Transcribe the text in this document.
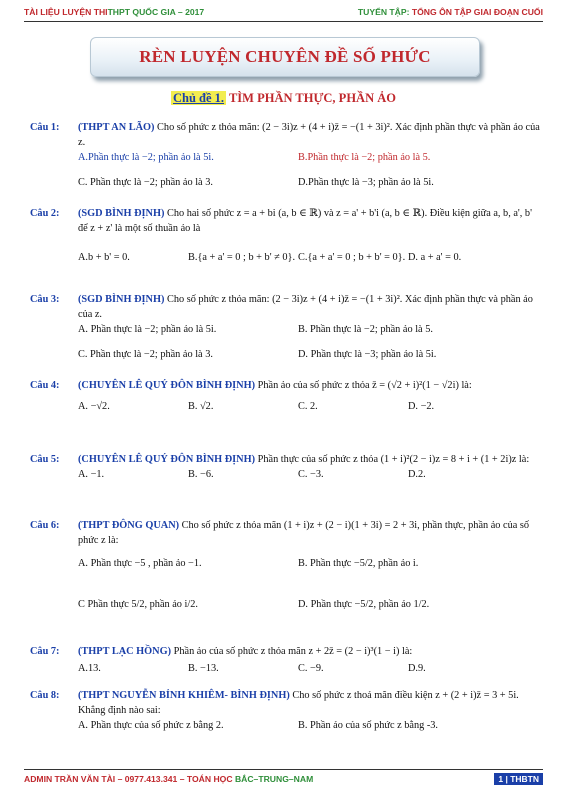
TÀI LIỆU LUYỆN THITHPT QUỐC GIA – 2017	TUYỂN TẬP: TỔNG ÔN TẬP GIAI ĐOẠN CUỐI
RÈN LUYỆN CHUYÊN ĐỀ SỐ PHỨC
Chủ đề 1. TÌM PHẦN THỰC, PHẦN ẢO
Câu 1: (THPT AN LÃO) Cho số phức z thỏa mãn: (2 − 3i)z + (4 + i)z̄ = −(1 + 3i)². Xác định phần thực và phần ảo của z.
A.Phần thực là −2; phần ảo là 5i.	B.Phần thực là −2; phần ảo là 5.
C. Phần thực là −2; phần ảo là 3.	D.Phần thực là −3; phần ảo là 5i.
Câu 2: (SGD BÌNH ĐỊNH) Cho hai số phức z = a + bi (a, b ∈ ℝ) và z = a' + b'i (a, b ∈ ℝ). Điều kiện giữa a, b, a', b' để z + z' là một số thuần ảo là
A.b + b' = 0.	B.{a + a' = 0 ; b + b' ≠ 0}. C.{a + a' = 0 ; b + b' = 0}. D. a + a' = 0.
Câu 3: (SGD BÌNH ĐỊNH) Cho số phức z thỏa mãn: (2 − 3i)z + (4 + i)z̄ = −(1 + 3i)². Xác định phần thực và phần ảo của z.
A. Phần thực là −2; phần ảo là 5i.	B. Phần thực là −2; phần ảo là 5.
C. Phần thực là −2; phần ảo là 3.	D. Phần thực là −3; phần ảo là 5i.
Câu 4: (CHUYÊN LÊ QUÝ ĐÔN BÌNH ĐỊNH) Phần ảo của số phức z thỏa z̄ = (√2 + i)²(1 − √2i) là:
A. −√2.	B. √2.	C. 2.	D. −2.
Câu 5: (CHUYÊN LÊ QUÝ ĐÔN BÌNH ĐỊNH) Phần thực của số phức z thỏa (1 + i)²(2 − i)z = 8 + i + (1 + 2i)z là:
A. −1.	B. −6.	C. −3.	D.2.
Câu 6: (THPT ĐÔNG QUAN) Cho số phức z thỏa mãn (1 + i)z + (2 − i)(1 + 3i) = 2 + 3i, phần thực, phần ảo của số phức z là:
A. Phần thực −5 , phần ảo −1.	B. Phần thực −5/2, phần ảo i.
C Phần thực 5/2, phần ảo i/2.	D. Phần thực −5/2, phần ảo 1/2.
Câu 7: (THPT LẠC HỒNG) Phần ảo của số phức z thỏa mãn z + 2z̄ = (2 − i)³(1 − i) là:
A.13.	B. −13.	C. −9.	D.9.
Câu 8: (THPT NGUYỄN BỈNH KHIÊM- BÌNH ĐỊNH) Cho số phức z thoả mãn điều kiện z + (2 + i)z̄ = 3 + 5i. Khẳng định nào sai:
A. Phần thực của số phức z bằng 2.	B. Phần ảo của số phức z bằng -3.
ADMIN TRẦN VĂN TÀI – 0977.413.341 – TOÁN HỌC BẮC–TRUNG–NAM	1 | THBTN
